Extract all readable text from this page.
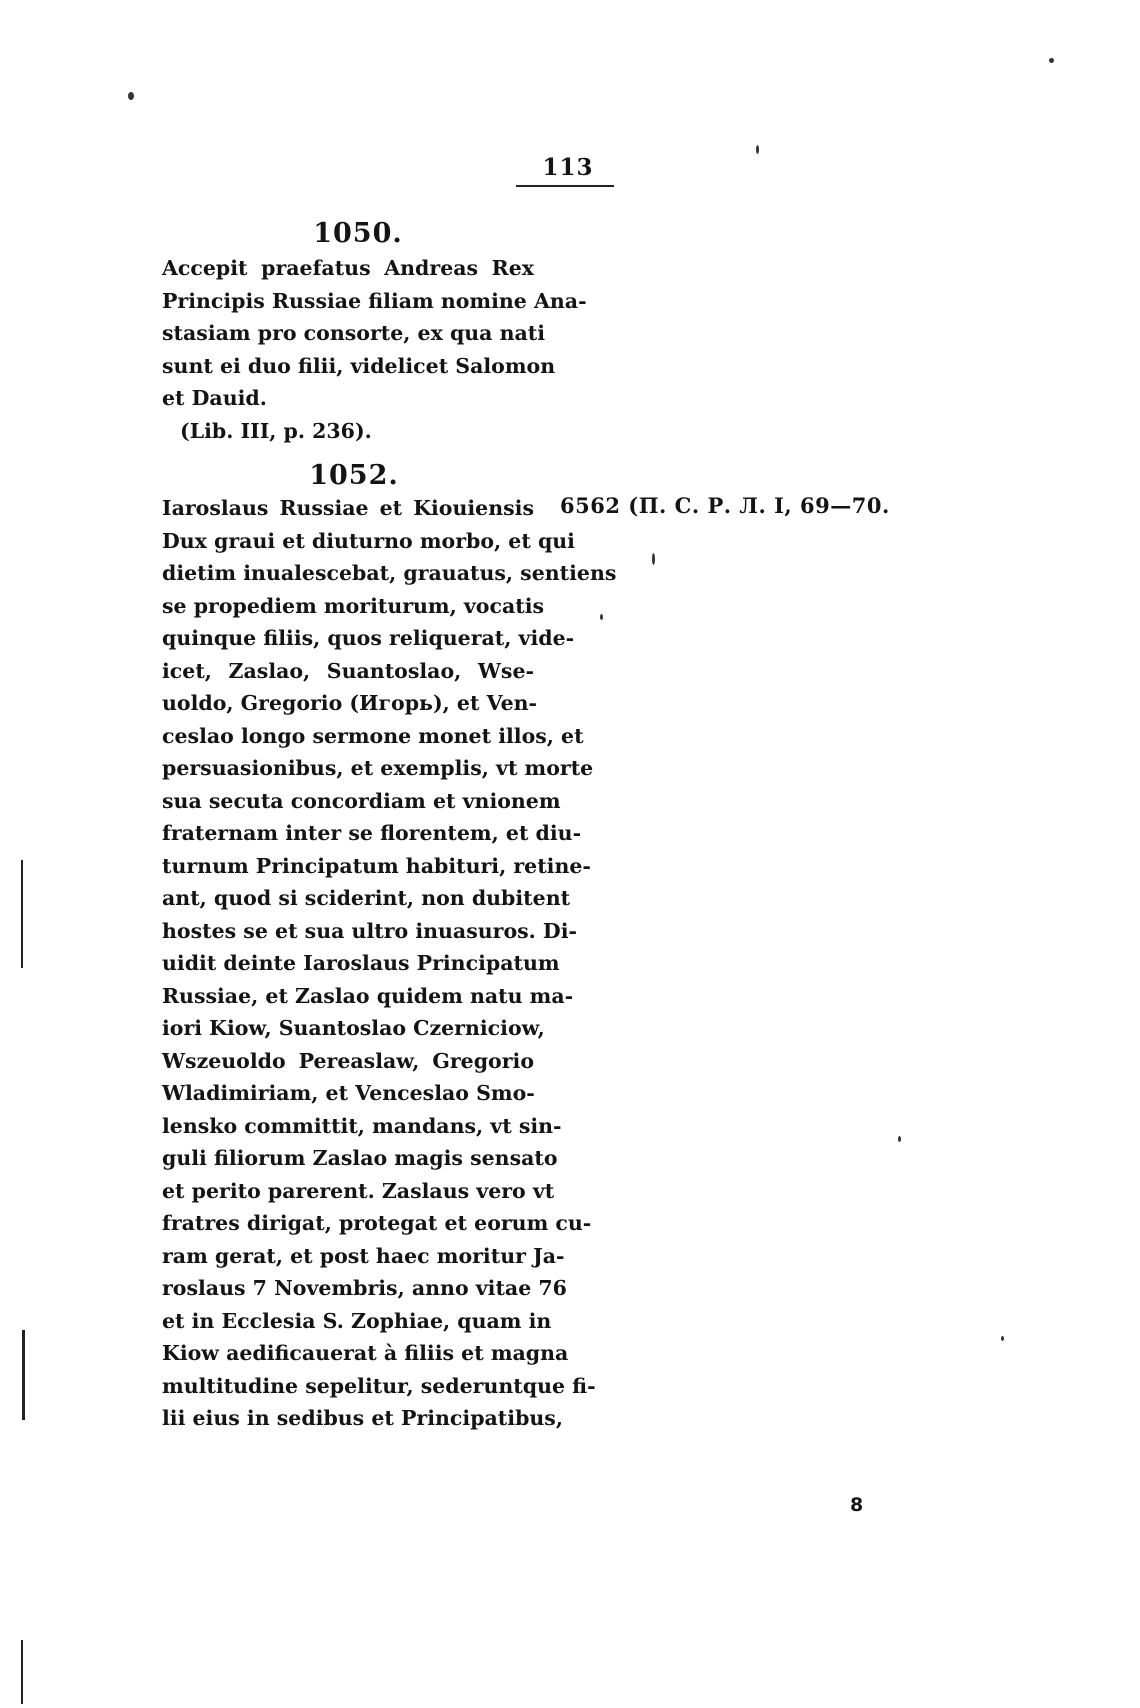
113
1050.
Accepit praefatus Andreas Rex
Principis Russiae filiam nomine Ana-
stasiam pro consorte, ex qua nati
sunt ei duo filii, videlicet Salomon
et Dauid.
(Lib. III, p. 236).
1052.
Iaroslaus Russiae et Kiouiensis
Dux graui et diuturno morbo, et qui
dietim inualescebat, grauatus, sentiens
se propediem moriturum, vocatis
quinque filiis, quos reliquerat, vide-
icet, Zaslao, Suantoslao, Wse-
uoldo, Gregorio (Игорь), et Ven-
ceslao longo sermone monet illos, et
persuasionibus, et exemplis, vt morte
sua secuta concordiam et vnionem
fraternam inter se florentem, et diu-
turnum Principatum habituri, retine-
ant, quod si sciderint, non dubitent
hostes se et sua ultro inuasuros. Di-
uidit deinte Iaroslaus Principatum
Russiae, et Zaslao quidem natu ma-
iori Kiow, Suantoslao Czerniciow,
Wszeuoldo Pereaslaw, Gregorio
Wladimiriam, et Venceslao Smo-
lensko committit, mandans, vt sin-
guli filiorum Zaslao magis sensato
et perito parerent. Zaslaus vero vt
fratres dirigat, protegat et eorum cu-
ram gerat, et post haec moritur Ja-
roslaus 7 Novembris, anno vitae 76
et in Ecclesia S. Zophiae, quam in
Kiow aedificauerat à filiis et magna
multitudine sepelitur, sederuntque fi-
lii eius in sedibus et Principatibus,
6562 (П. С. Р. Л. I, 69—70.
8
